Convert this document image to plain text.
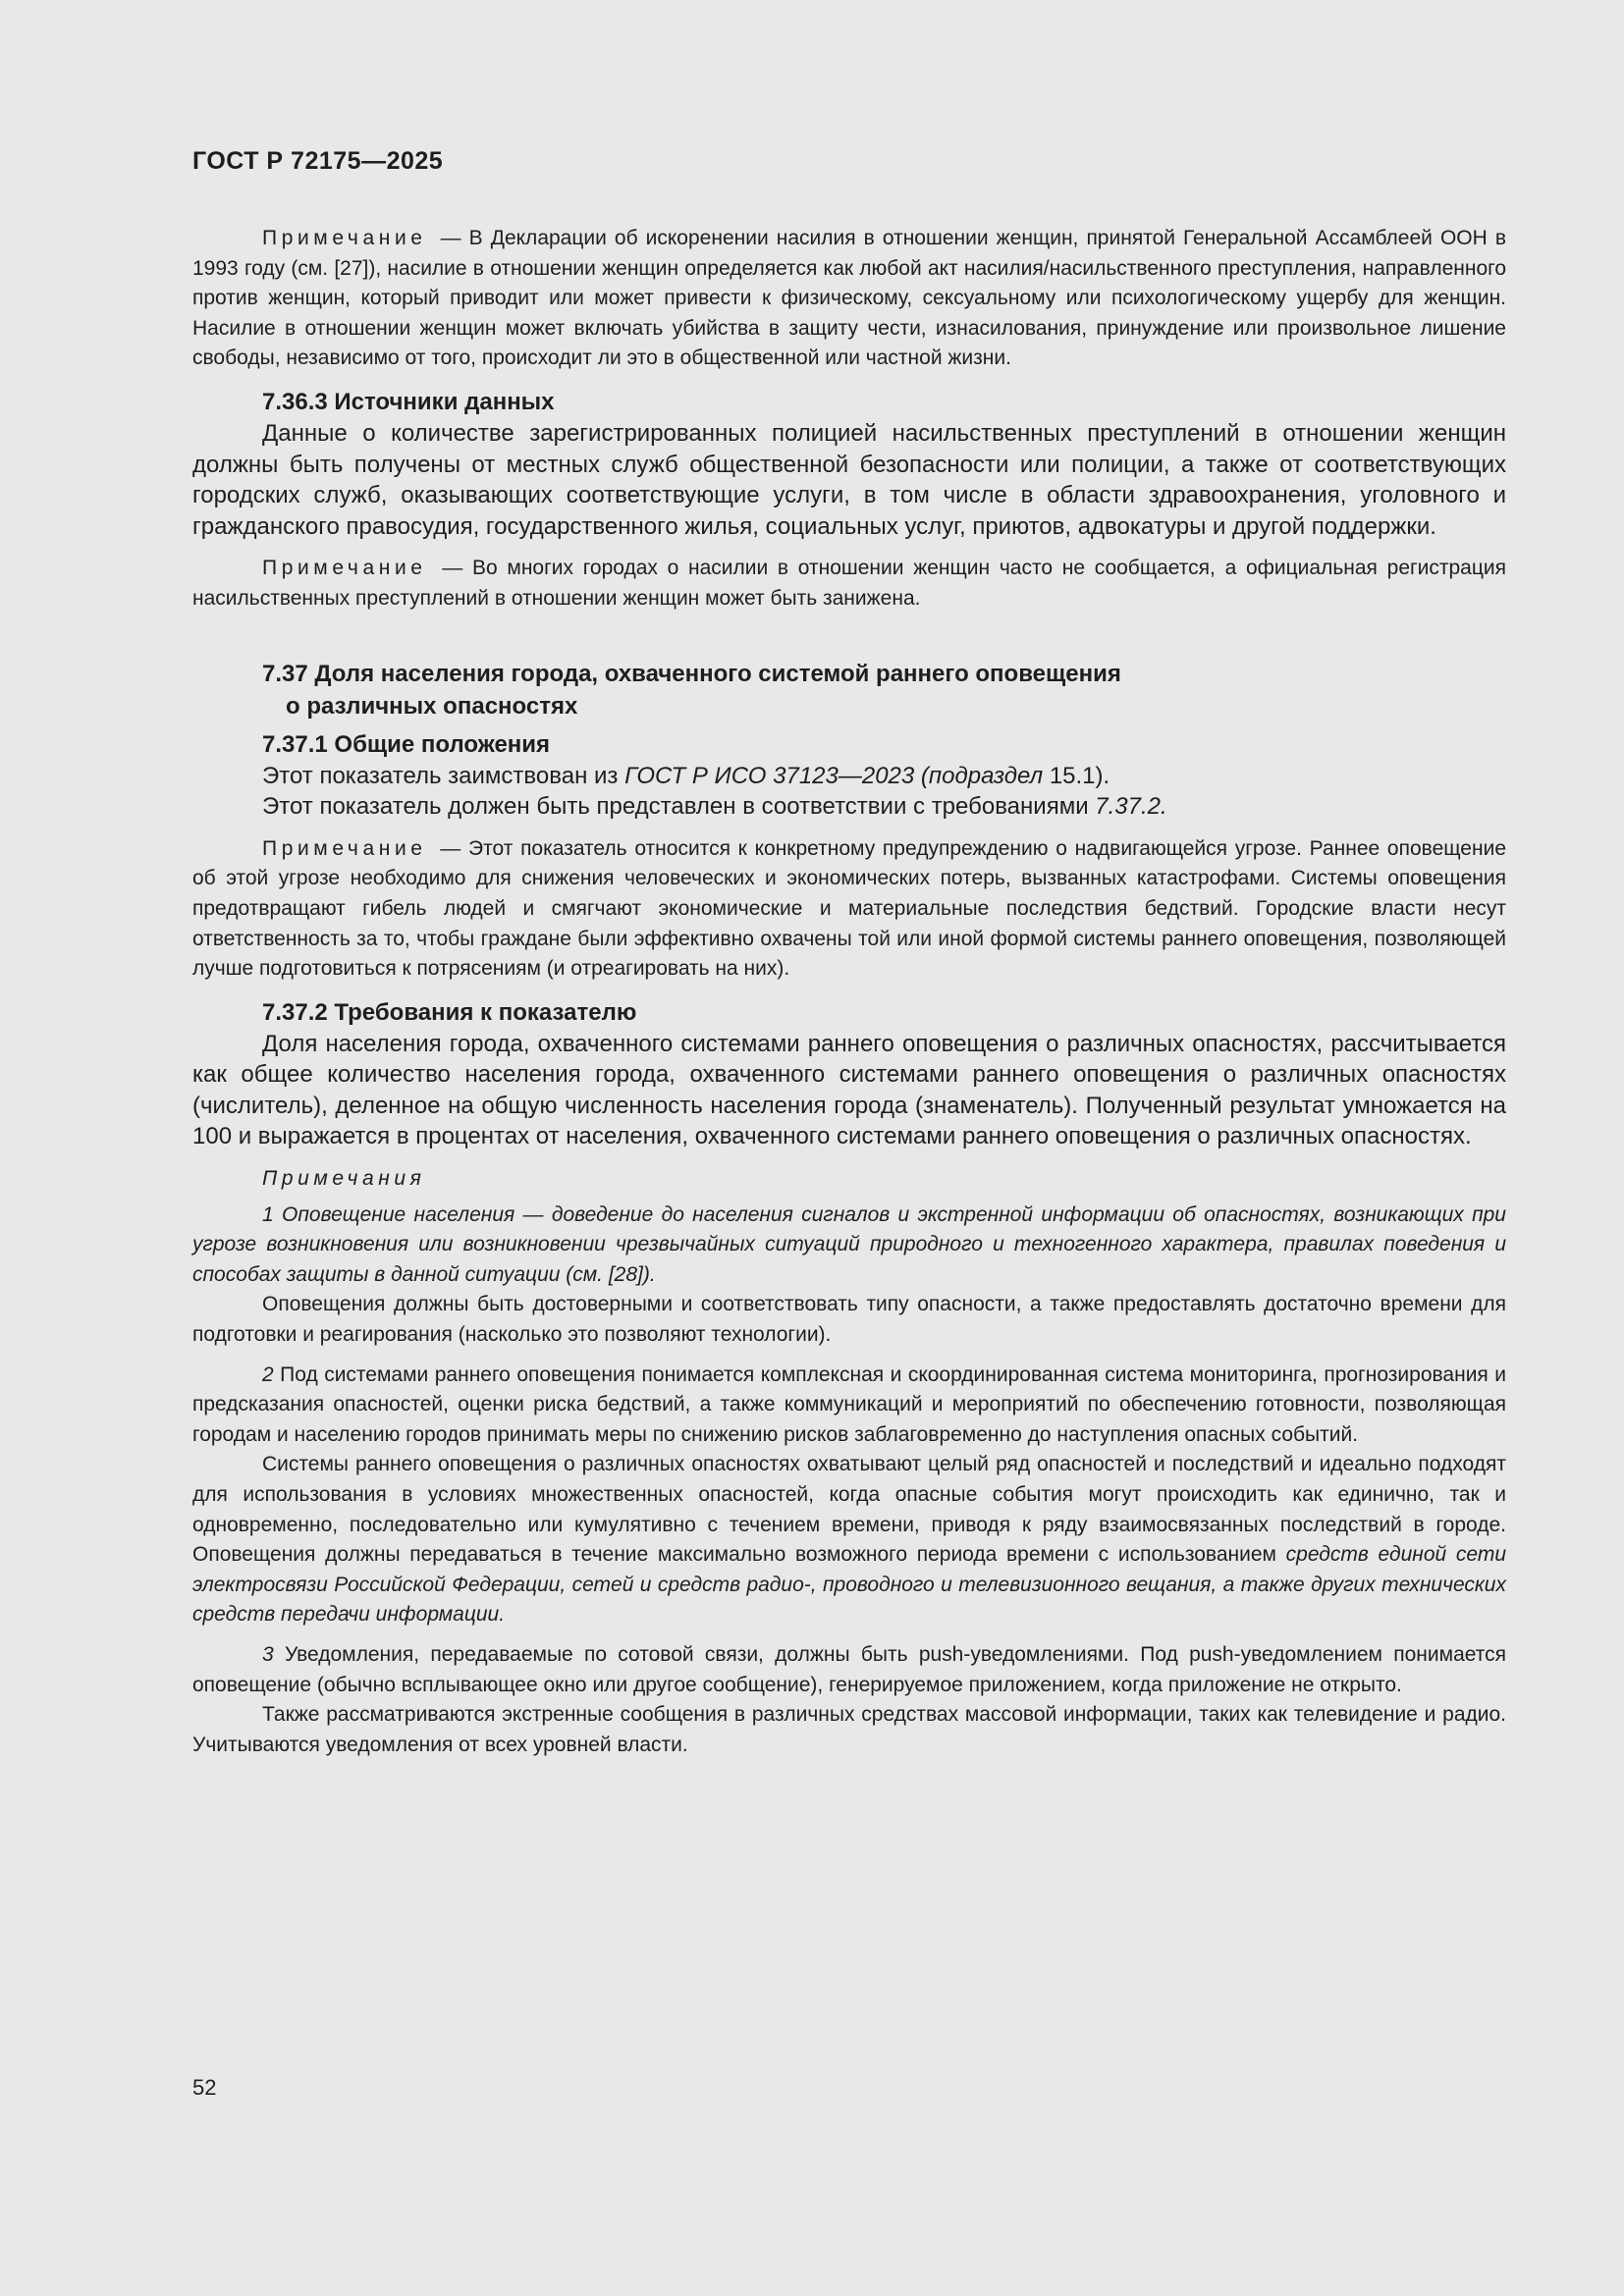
ГОСТ Р 72175—2025

Примечание — В Декларации об искоренении насилия в отношении женщин, принятой Генеральной Ассамблеей ООН в 1993 году (см. [27]), насилие в отношении женщин определяется как любой акт насилия/насильственного преступления, направленного против женщин, который приводит или может привести к физическому, сексуальному или психологическому ущербу для женщин. Насилие в отношении женщин может включать убийства в защиту чести, изнасилования, принуждение или произвольное лишение свободы, независимо от того, происходит ли это в общественной или частной жизни.

7.36.3 Источники данных

Данные о количестве зарегистрированных полицией насильственных преступлений в отношении женщин должны быть получены от местных служб общественной безопасности или полиции, а также от соответствующих городских служб, оказывающих соответствующие услуги, в том числе в области здравоохранения, уголовного и гражданского правосудия, государственного жилья, социальных услуг, приютов, адвокатуры и другой поддержки.

Примечание — Во многих городах о насилии в отношении женщин часто не сообщается, а официальная регистрация насильственных преступлений в отношении женщин может быть занижена.

7.37 Доля населения города, охваченного системой раннего оповещения
о различных опасностях

7.37.1 Общие положения

Этот показатель заимствован из ГОСТ Р ИСО 37123—2023 (подраздел 15.1).

Этот показатель должен быть представлен в соответствии с требованиями 7.37.2.

Примечание — Этот показатель относится к конкретному предупреждению о надвигающейся угрозе. Раннее оповещение об этой угрозе необходимо для снижения человеческих и экономических потерь, вызванных катастрофами. Системы оповещения предотвращают гибель людей и смягчают экономические и материальные последствия бедствий. Городские власти несут ответственность за то, чтобы граждане были эффективно охвачены той или иной формой системы раннего оповещения, позволяющей лучше подготовиться к потрясениям (и отреагировать на них).

7.37.2 Требования к показателю

Доля населения города, охваченного системами раннего оповещения о различных опасностях, рассчитывается как общее количество населения города, охваченного системами раннего оповещения о различных опасностях (числитель), деленное на общую численность населения города (знаменатель). Полученный результат умножается на 100 и выражается в процентах от населения, охваченного системами раннего оповещения о различных опасностях.

Примечания

1 Оповещение населения — доведение до населения сигналов и экстренной информации об опасностях, возникающих при угрозе возникновения или возникновении чрезвычайных ситуаций природного и техногенного характера, правилах поведения и способах защиты в данной ситуации (см. [28]).

Оповещения должны быть достоверными и соответствовать типу опасности, а также предоставлять достаточно времени для подготовки и реагирования (насколько это позволяют технологии).

2 Под системами раннего оповещения понимается комплексная и скоординированная система мониторинга, прогнозирования и предсказания опасностей, оценки риска бедствий, а также коммуникаций и мероприятий по обеспечению готовности, позволяющая городам и населению городов принимать меры по снижению рисков заблаговременно до наступления опасных событий.

Системы раннего оповещения о различных опасностях охватывают целый ряд опасностей и последствий и идеально подходят для использования в условиях множественных опасностей, когда опасные события могут происходить как единично, так и одновременно, последовательно или кумулятивно с течением времени, приводя к ряду взаимосвязанных последствий в городе. Оповещения должны передаваться в течение максимально возможного периода времени с использованием средств единой сети электросвязи Российской Федерации, сетей и средств радио-, проводного и телевизионного вещания, а также других технических средств передачи информации.

3 Уведомления, передаваемые по сотовой связи, должны быть push-уведомлениями. Под push-уведомлением понимается оповещение (обычно всплывающее окно или другое сообщение), генерируемое приложением, когда приложение не открыто.

Также рассматриваются экстренные сообщения в различных средствах массовой информации, таких как телевидение и радио. Учитываются уведомления от всех уровней власти.

52
